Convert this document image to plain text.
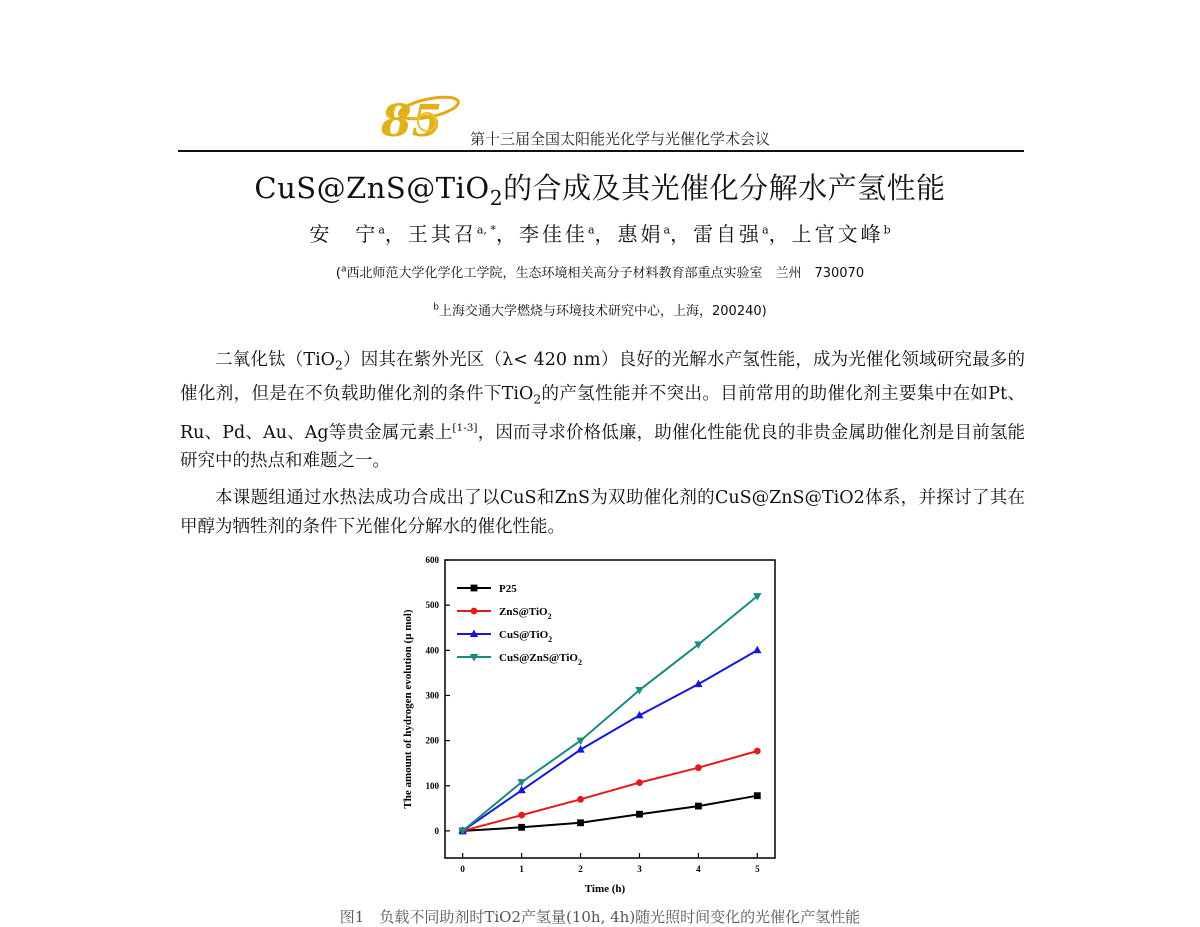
85 第十三届全国太阳能光化学与光催化学术会议
CuS@ZnS@TiO$_2$的合成及其光催化分解水产氢性能
安　宁$^a$，王其召$^{a, *}$，李佳佳$^a$，惠娟$^a$，雷自强$^a$，上官文峰$^b$
($^a$西北师范大学化学化工学院，生态环境相关高分子材料教育部重点实验室　兰州　730070
$^b$上海交通大学燃烧与环境技术研究中心，上海，200240)
二氧化钛（TiO$_2$）因其在紫外光区（λ< 420 nm）良好的光解水产氢性能，成为光催化领域研究最多的催化剂，但是在不负载助催化剂的条件下TiO$_2$的产氢性能并不突出。目前常用的助催化剂主要集中在如Pt、Ru、Pd、Au、Ag等贵金属元素上[1-3]，因而寻求价格低廉，助催化性能优良的非贵金属助催化剂是目前氢能研究中的热点和难题之一。
本课题组通过水热法成功合成出了以CuS和ZnS为双助催化剂的CuS@ZnS@TiO2体系，并探讨了其在甲醇为牺牲剂的条件下光催化分解水的催化性能。
0
100
200
300
400
500
600
0	1	2	3	4	5
Time (h)
The amount of hydrogen evolution (μ mol)
P25
ZnS@TiO$_2$
CuS@TiO$_2$
CuS@ZnS@TiO$_2$
图1　负载不同助剂时TiO2产氢量(10h, 4h)随光照时间变化的光催化产氢性能
